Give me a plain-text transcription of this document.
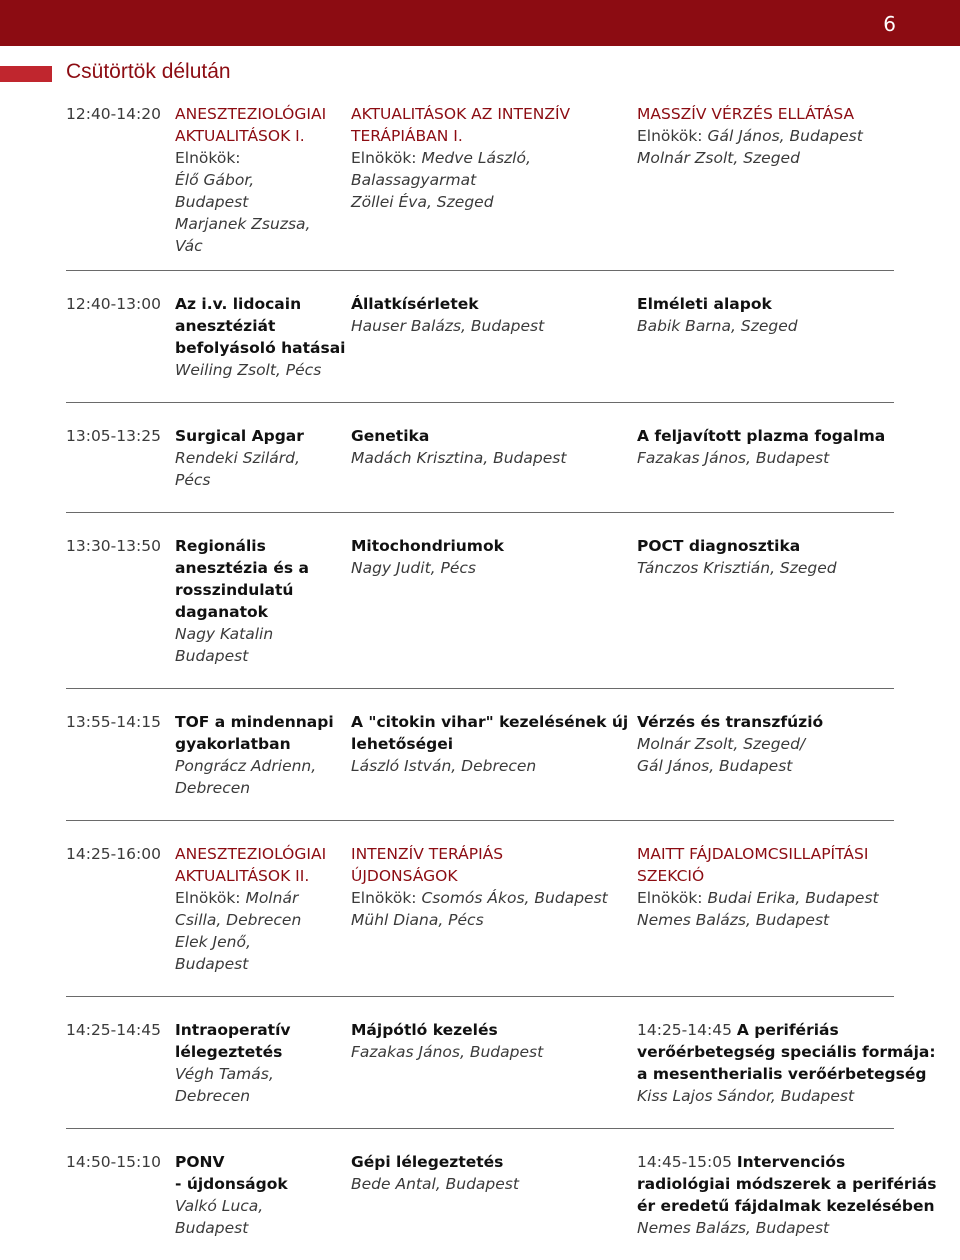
6
Csütörtök délután
12:40-14:20 ANESZTEZIOLÓGIAI
AKTUALITÁSOK I.
Elnökök:
Élő Gábor,
Budapest
Marjanek Zsuzsa,
Vác
AKTUALITÁSOK AZ INTENZÍV
TERÁPIÁBAN I.
Elnökök: Medve László,
Balassagyarmat
Zöllei Éva, Szeged
MASSZÍV VÉRZÉS ELLÁTÁSA
Elnökök: Gál János, Budapest
Molnár Zsolt, Szeged
12:40-13:00 Az i.v. lidocain
anesztéziát
befolyásoló hatásai
Weiling Zsolt, Pécs
Állatkísérletek
Hauser Balázs, Budapest
Elméleti alapok
Babik Barna, Szeged
13:05-13:25 Surgical Apgar
Rendeki Szilárd,
Pécs
Genetika
Madách Krisztina, Budapest
A feljavított plazma fogalma
Fazakas János, Budapest
13:30-13:50 Regionális
anesztézia és a
rosszindulatú
daganatok
Nagy Katalin
Budapest
Mitochondriumok
Nagy Judit, Pécs
POCT diagnosztika
Tánczos Krisztián, Szeged
13:55-14:15 TOF a mindennapi
gyakorlatban
Pongrácz Adrienn,
Debrecen
A "citokin vihar" kezelésének új
lehetőségei
László István, Debrecen
Vérzés és transzfúzió
Molnár Zsolt, Szeged/
Gál János, Budapest
14:25-16:00 ANESZTEZIOLÓGIAI
AKTUALITÁSOK II.
Elnökök: Molnár
Csilla, Debrecen
Elek Jenő,
Budapest
INTENZÍV TERÁPIÁS
ÚJDONSÁGOK
Elnökök: Csomós Ákos, Budapest
Mühl Diana, Pécs
MAITT FÁJDALOMCSILLAPÍTÁSI
SZEKCIÓ
Elnökök: Budai Erika, Budapest
Nemes Balázs, Budapest
14:25-14:45 Intraoperatív
lélegeztetés
Végh Tamás,
Debrecen
Májpótló kezelés
Fazakas János, Budapest
14:25-14:45 A perifériás
verőérbetegség speciális formája:
a mesentherialis verőérbetegség
Kiss Lajos Sándor, Budapest
14:50-15:10 PONV
- újdonságok
Valkó Luca,
Budapest
Gépi lélegeztetés
Bede Antal, Budapest
14:45-15:05 Intervenciós
radiológiai módszerek a perifériás
ér eredetű fájdalmak kezelésében
Nemes Balázs, Budapest
